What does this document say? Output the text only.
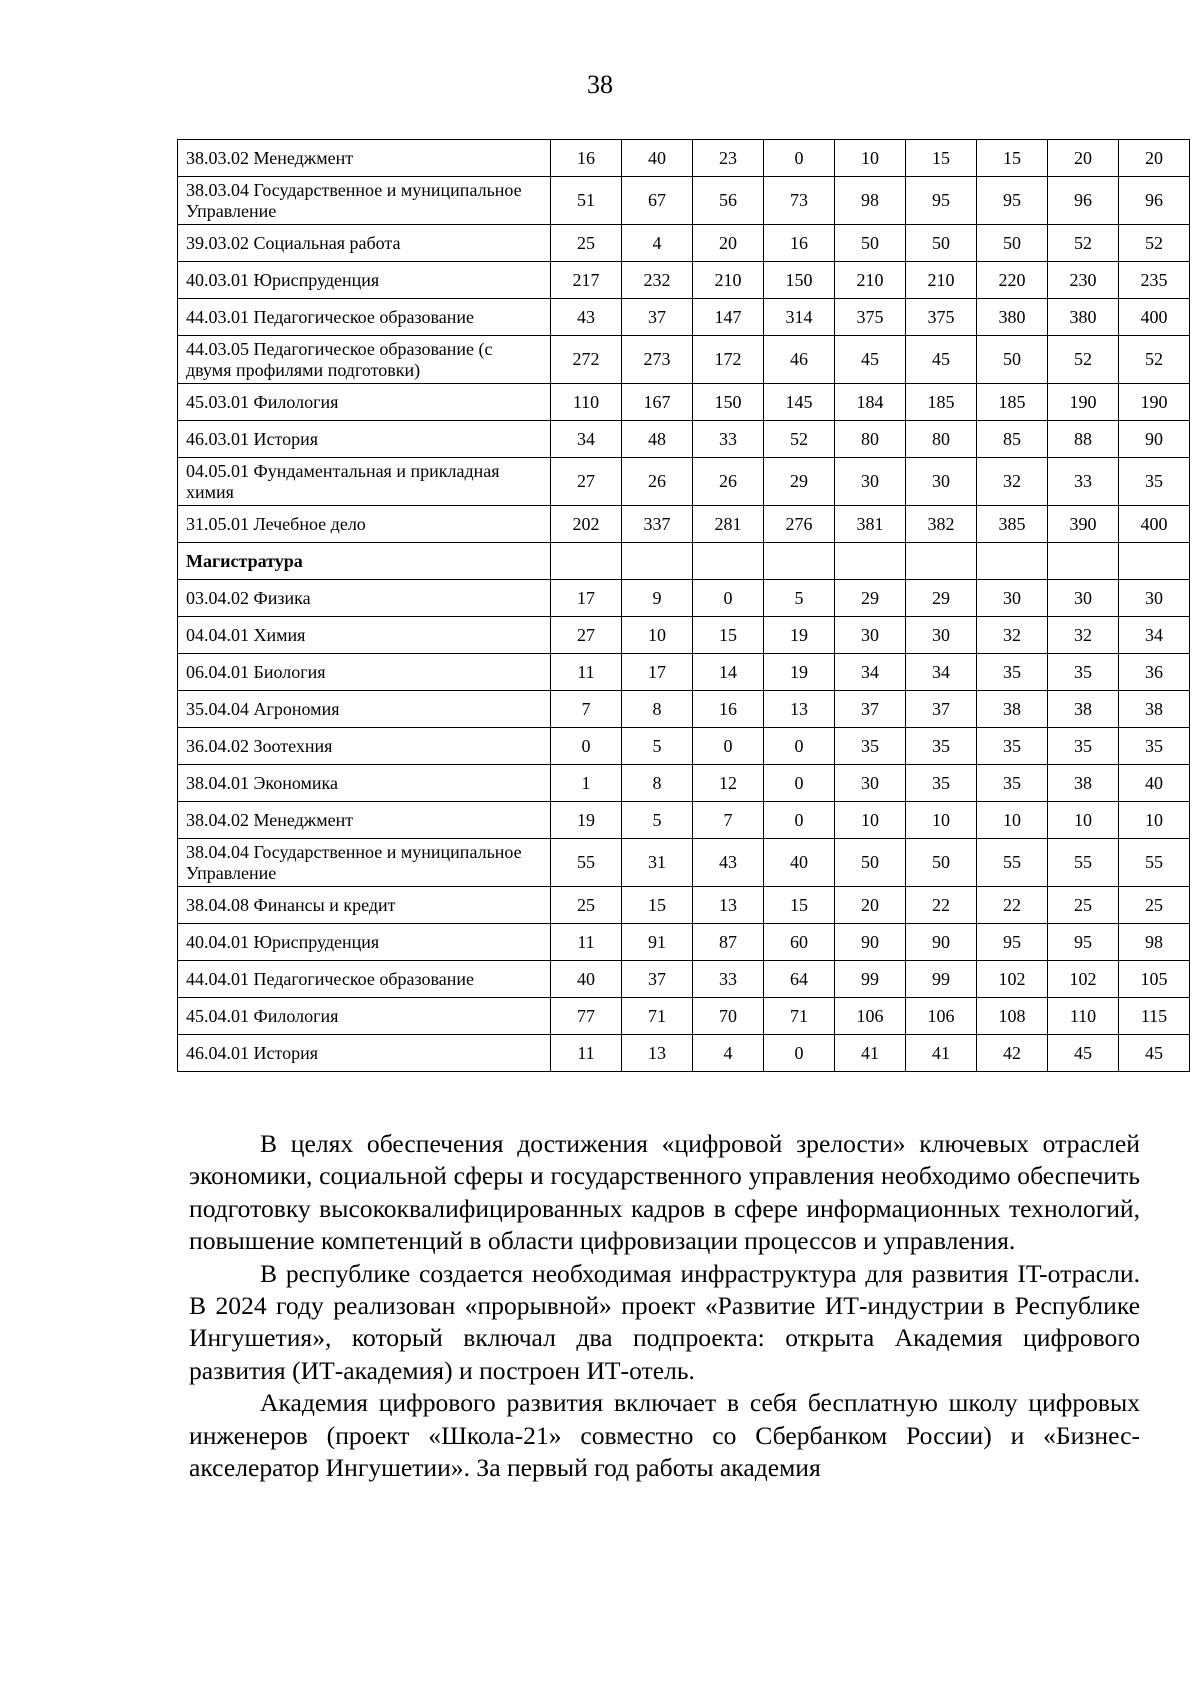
38
38.03.02 Менеджмент	16	40	23	0	10	15	15	20	20
38.03.04 Государственное и муниципальное Управление	51	67	56	73	98	95	95	96	96
39.03.02 Социальная работа	25	4	20	16	50	50	50	52	52
40.03.01 Юриспруденция	217	232	210	150	210	210	220	230	235
44.03.01 Педагогическое образование	43	37	147	314	375	375	380	380	400
44.03.05 Педагогическое образование (с двумя профилями подготовки)	272	273	172	46	45	45	50	52	52
45.03.01 Филология	110	167	150	145	184	185	185	190	190
46.03.01 История	34	48	33	52	80	80	85	88	90
04.05.01 Фундаментальная и прикладная химия	27	26	26	29	30	30	32	33	35
31.05.01 Лечебное дело	202	337	281	276	381	382	385	390	400
Магистратура									
03.04.02 Физика	17	9	0	5	29	29	30	30	30
04.04.01 Химия	27	10	15	19	30	30	32	32	34
06.04.01 Биология	11	17	14	19	34	34	35	35	36
35.04.04 Агрономия	7	8	16	13	37	37	38	38	38
36.04.02 Зоотехния	0	5	0	0	35	35	35	35	35
38.04.01 Экономика	1	8	12	0	30	35	35	38	40
38.04.02 Менеджмент	19	5	7	0	10	10	10	10	10
38.04.04 Государственное и муниципальное Управление	55	31	43	40	50	50	55	55	55
38.04.08 Финансы и кредит	25	15	13	15	20	22	22	25	25
40.04.01 Юриспруденция	11	91	87	60	90	90	95	95	98
44.04.01 Педагогическое образование	40	37	33	64	99	99	102	102	105
45.04.01 Филология	77	71	70	71	106	106	108	110	115
46.04.01 История	11	13	4	0	41	41	42	45	45

В целях обеспечения достижения «цифровой зрелости» ключевых отраслей экономики, социальной сферы и государственного управления необходимо обеспечить подготовку высококвалифицированных кадров в сфере информационных технологий, повышение компетенций в области цифровизации процессов и управления.

В республике создается необходимая инфраструктура для развития IT-отрасли. В 2024 году реализован «прорывной» проект «Развитие ИТ-индустрии в Республике Ингушетия», который включал два подпроекта: открыта Академия цифрового развития (ИТ-академия) и построен ИТ-отель.

Академия цифрового развития включает в себя бесплатную школу цифровых инженеров (проект «Школа-21» совместно со Сбербанком России) и «Бизнес-акселератор Ингушетии». За первый год работы академия
